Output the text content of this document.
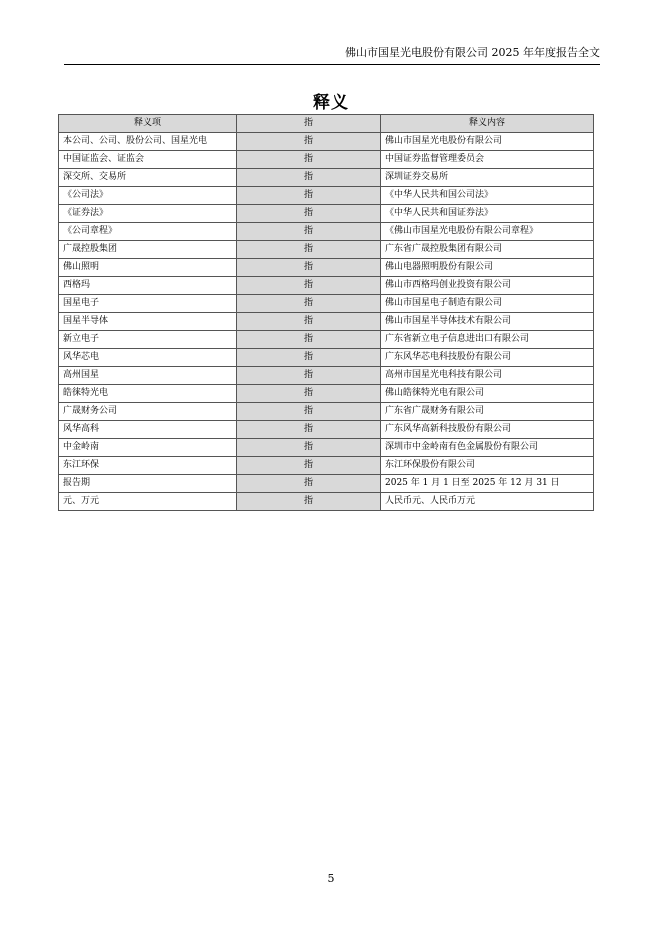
佛山市国星光电股份有限公司 2025 年年度报告全文
释义
释义项	指	释义内容
本公司、公司、股份公司、国星光电	指	佛山市国星光电股份有限公司
中国证监会、证监会	指	中国证券监督管理委员会
深交所、交易所	指	深圳证券交易所
《公司法》	指	《中华人民共和国公司法》
《证券法》	指	《中华人民共和国证券法》
《公司章程》	指	《佛山市国星光电股份有限公司章程》
广晟控股集团	指	广东省广晟控股集团有限公司
佛山照明	指	佛山电器照明股份有限公司
西格玛	指	佛山市西格玛创业投资有限公司
国星电子	指	佛山市国星电子制造有限公司
国星半导体	指	佛山市国星半导体技术有限公司
新立电子	指	广东省新立电子信息进出口有限公司
风华芯电	指	广东风华芯电科技股份有限公司
高州国星	指	高州市国星光电科技有限公司
皓徕特光电	指	佛山皓徕特光电有限公司
广晟财务公司	指	广东省广晟财务有限公司
风华高科	指	广东风华高新科技股份有限公司
中金岭南	指	深圳市中金岭南有色金属股份有限公司
东江环保	指	东江环保股份有限公司
报告期	指	2025 年 1 月 1 日至 2025 年 12 月 31 日
元、万元	指	人民币元、人民币万元
5
